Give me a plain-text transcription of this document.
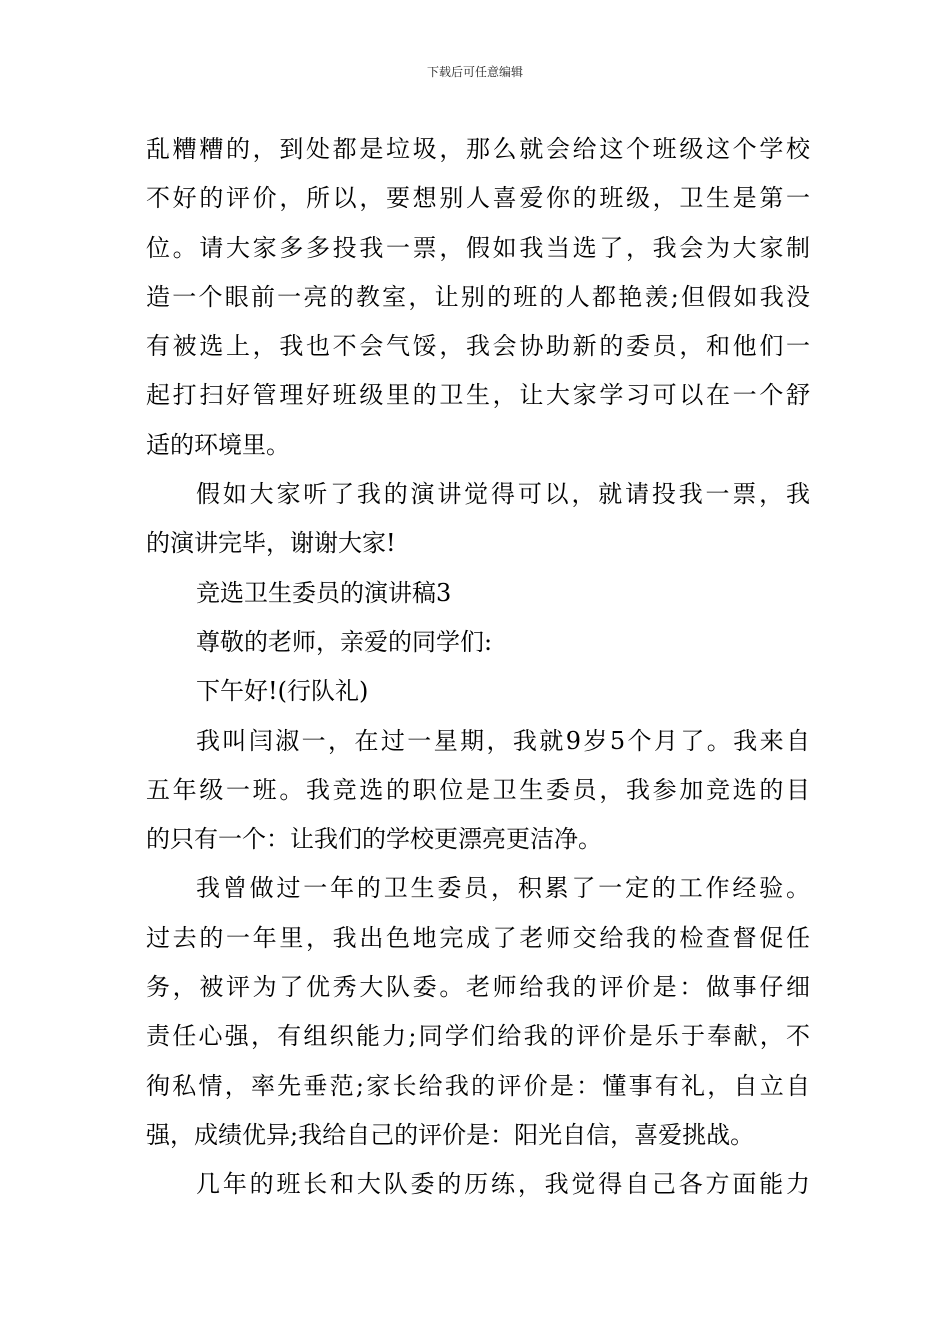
下载后可任意编辑
乱糟糟的，到处都是垃圾，那么就会给这个班级这个学校
不好的评价，所以，要想别人喜爱你的班级，卫生是第一
位。请大家多多投我一票，假如我当选了，我会为大家制
造一个眼前一亮的教室，让别的班的人都艳羡;但假如我没
有被选上，我也不会气馁，我会协助新的委员，和他们一
起打扫好管理好班级里的卫生，让大家学习可以在一个舒
适的环境里。
假如大家听了我的演讲觉得可以，就请投我一票，我
的演讲完毕，谢谢大家!
竞选卫生委员的演讲稿3
尊敬的老师，亲爱的同学们:
下午好!(行队礼)
我叫闫淑一，在过一星期，我就9岁5个月了。我来自
五年级一班。我竞选的职位是卫生委员，我参加竞选的目
的只有一个：让我们的学校更漂亮更洁净。
我曾做过一年的卫生委员，积累了一定的工作经验。
过去的一年里，我出色地完成了老师交给我的检查督促任
务，被评为了优秀大队委。老师给我的评价是：做事仔细
责任心强，有组织能力;同学们给我的评价是乐于奉献，不
徇私情，率先垂范;家长给我的评价是：懂事有礼，自立自
强，成绩优异;我给自己的评价是：阳光自信，喜爱挑战。
几年的班长和大队委的历练，我觉得自己各方面能力
